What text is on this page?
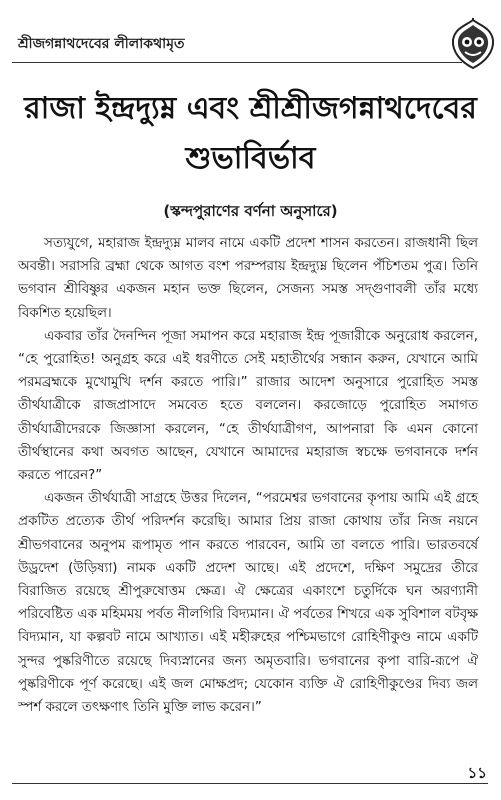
শ্রীজগন্নাথদেবের লীলাকথামৃত
রাজা ইন্দ্রদ্যুম্ন এবং শ্রীশ্রীজগন্নাথদেবের
শুভাবির্ভাব
(স্কন্দপুরাণের বর্ণনা অনুসারে)

সত্যযুগে, মহারাজ ইন্দ্রদ্যুম্ন মালব নামে একটি প্রদেশ শাসন করতেন। রাজধানী ছিল অবন্তী। সরাসরি ব্রহ্মা থেকে আগত বংশ পরম্পরায় ইন্দ্রদ্যুম্ন ছিলেন পঁচিশতম পুত্র। তিনি ভগবান শ্রীবিষ্ণুর একজন মহান ভক্ত ছিলেন, সেজন্য সমস্ত সদ্গুণাবলী তাঁর মধ্যে বিকশিত হয়েছিল।

একবার তাঁর দৈনন্দিন পূজা সমাপন করে মহারাজ ইন্দ্র পূজারীকে অনুরোধ করলেন, “হে পুরোহিত! অনুগ্রহ করে এই ধরণীতে সেই মহাতীর্থের সন্ধান করুন, যেখানে আমি পরমব্রহ্মকে মুখোমুখি দর্শন করতে পারি।” রাজার আদেশ অনুসারে পুরোহিত সমস্ত তীর্থযাত্রীকে রাজপ্রাসাদে সমবেত হতে বললেন। করজোড়ে পুরোহিত সমাগত তীর্থযাত্রীদেরকে জিজ্ঞাসা করলেন, “হে তীর্থযাত্রীগণ, আপনারা কি এমন কোনো তীর্থস্থানের কথা অবগত আছেন, যেখানে আমাদের মহারাজ স্বচক্ষে ভগবানকে দর্শন করতে পারেন?”

একজন তীর্থযাত্রী সাগ্রহে উত্তর দিলেন, “পরমেশ্বর ভগবানের কৃপায় আমি এই গ্রহে প্রকটিত প্রত্যেক তীর্থ পরিদর্শন করেছি। আমার প্রিয় রাজা কোথায় তাঁর নিজ নয়নে শ্রীভগবানের অনুপম রূপামৃত পান করতে পারবেন, আমি তা বলতে পারি। ভারতবর্ষে উড্রদেশ (উড়িষ্যা) নামক একটি প্রদেশ আছে। এই প্রদেশে, দক্ষিণ সমুদ্রের তীরে বিরাজিত রয়েছে শ্রীপুরুষোত্তম ক্ষেত্র। ঐ ক্ষেত্রের একাংশে চতুর্দিকে ঘন অরণ্যানী পরিবেষ্টিত এক মহিমময় পর্বত নীলগিরি বিদ্যমান। ঐ পর্বতের শিখরে এক সুবিশাল বটবৃক্ষ বিদ্যমান, যা কল্পবট নামে আখ্যাত। এই মহীরুহের পশ্চিমভাগে রোহিণীকুণ্ড নামে একটি সুন্দর পুষ্করিণীতে রয়েছে দিব্যস্নানের জন্য অমৃতবারি। ভগবানের কৃপা বারি-রূপে ঐ পুষ্করিণীকে পূর্ণ করেছে। এই জল মোক্ষপ্রদ; যেকোন ব্যক্তি ঐ রোহিণীকুণ্ডের দিব্য জল স্পর্শ করলে তৎক্ষণাৎ তিনি মুক্তি লাভ করেন।”

১১
